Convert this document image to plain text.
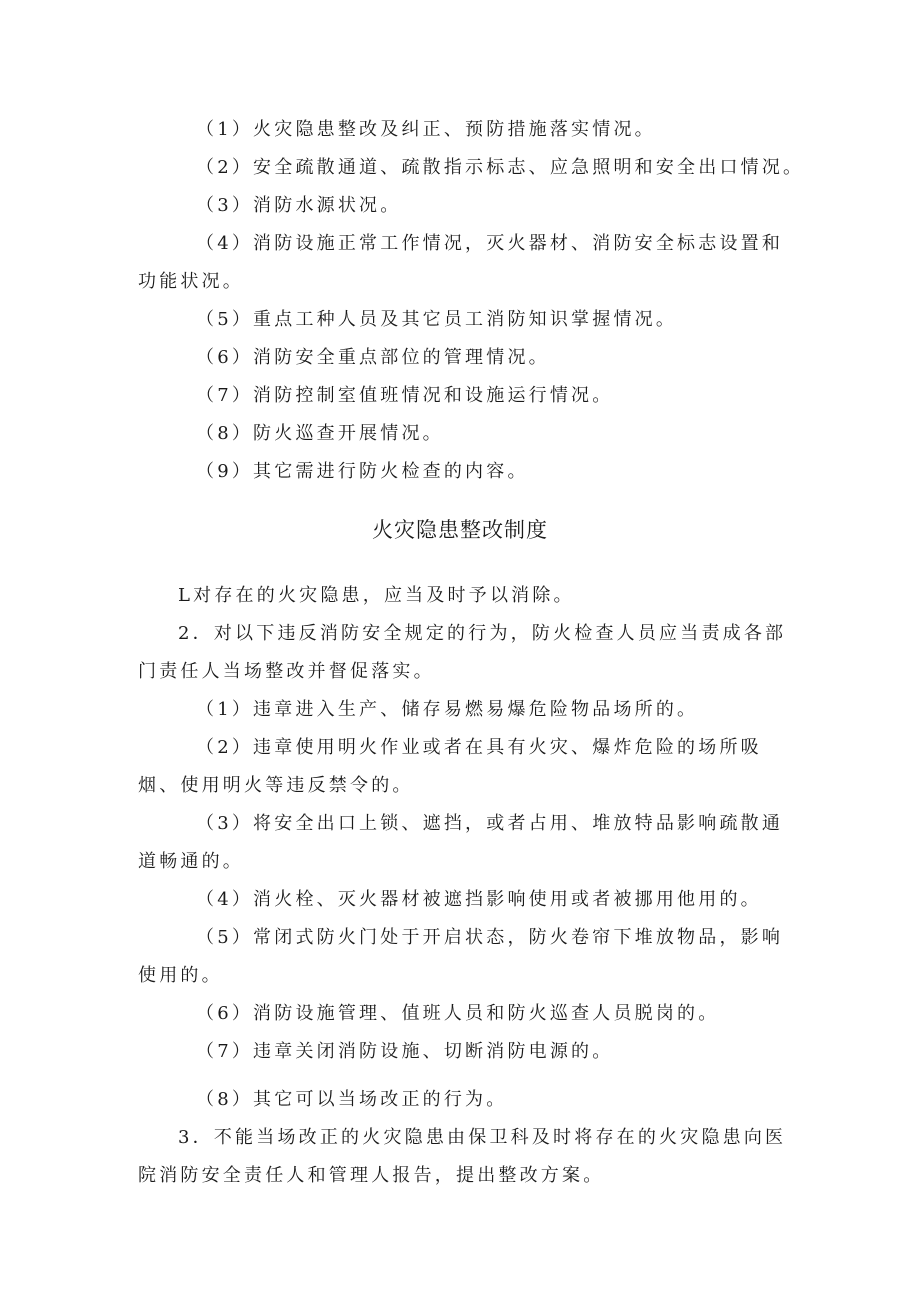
（1）火灾隐患整改及纠正、预防措施落实情况。
（2）安全疏散通道、疏散指示标志、应急照明和安全出口情况。
（3）消防水源状况。
（4）消防设施正常工作情况，灭火器材、消防安全标志设置和功能状况。
（5）重点工种人员及其它员工消防知识掌握情况。
（6）消防安全重点部位的管理情况。
（7）消防控制室值班情况和设施运行情况。
（8）防火巡查开展情况。
（9）其它需进行防火检查的内容。
火灾隐患整改制度
L对存在的火灾隐患，应当及时予以消除。
2．对以下违反消防安全规定的行为，防火检查人员应当责成各部门责任人当场整改并督促落实。
（1）违章进入生产、储存易燃易爆危险物品场所的。
（2）违章使用明火作业或者在具有火灾、爆炸危险的场所吸烟、使用明火等违反禁令的。
（3）将安全出口上锁、遮挡，或者占用、堆放特品影响疏散通道畅通的。
（4）消火栓、灭火器材被遮挡影响使用或者被挪用他用的。
（5）常闭式防火门处于开启状态，防火卷帘下堆放物品，影响使用的。
（6）消防设施管理、值班人员和防火巡查人员脱岗的。
（7）违章关闭消防设施、切断消防电源的。
（8）其它可以当场改正的行为。
3．不能当场改正的火灾隐患由保卫科及时将存在的火灾隐患向医院消防安全责任人和管理人报告，提出整改方案。
